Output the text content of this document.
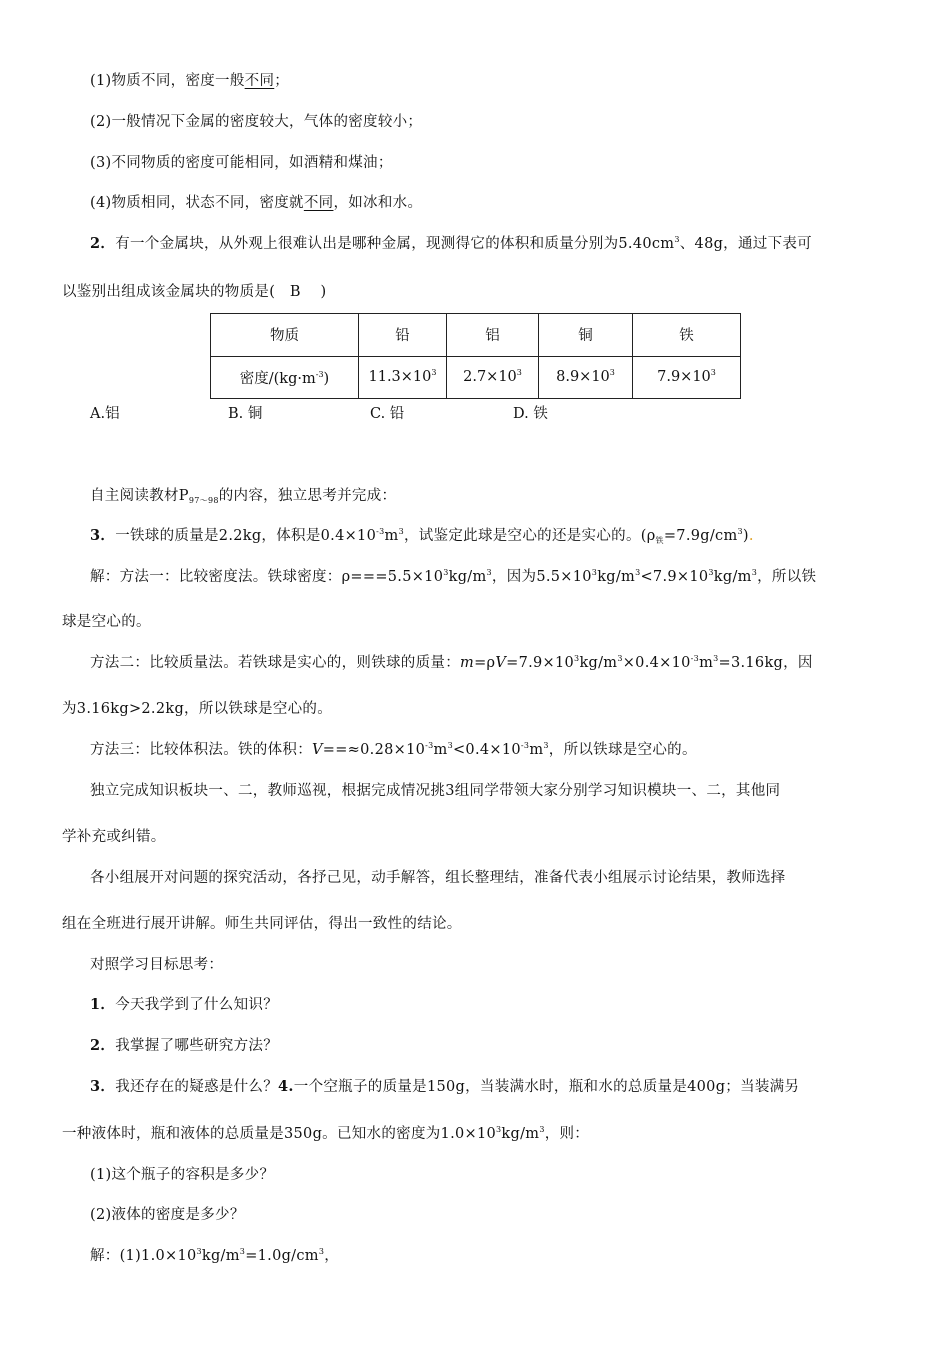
(1)物质不同，密度一般不同；
(2)一般情况下金属的密度较大，气体的密度较小；
(3)不同物质的密度可能相同，如酒精和煤油；
(4)物质相同，状态不同，密度就不同，如冰和水。
2．有一个金属块，从外观上很难认出是哪种金属，现测得它的体积和质量分别为$5.40cm^3$、48g，通过下表可
以鉴别出组成该金属块的物质是( B )
物质	铅	铝	铜	铁
密度$/(kg\cdot m^{-3})$	$11.3\times 10^3$	$2.7\times 10^3$	$8.9\times 10^3$	$7.9\times 10^3$
A.铝	B. 铜	C. 铅	D. 铁
自主阅读教材$P_{97\sim 98}$的内容，独立思考并完成：
3．一铁球的质量是2.2kg，体积是$0.4\times 10^{-3}m^3$，试鉴定此球是空心的还是实心的。$(\rho_铁=7.9g/cm^3)$.
解：方法一：比较密度法。铁球密度：$\rho===5.5\times 10^3kg/m^3$，因为$5.5\times 10^3kg/m^3<7.9\times 10^3kg/m^3$，所以铁
球是空心的。
方法二：比较质量法。若铁球是实心的，则铁球的质量：$m=\rho V=7.9\times 10^3kg/m^3\times 0.4\times 10^{-3}m^3=3.16kg$，因
为3.16kg>2.2kg，所以铁球是空心的。
方法三：比较体积法。铁的体积：$V==\approx 0.28\times 10^{-3}m^3<0.4\times 10^{-3}m^3$，所以铁球是空心的。
独立完成知识板块一、二，教师巡视，根据完成情况挑3组同学带领大家分别学习知识模块一、二，其他同
学补充或纠错。
各小组展开对问题的探究活动，各抒己见，动手解答，组长整理结，准备代表小组展示讨论结果，教师选择
组在全班进行展开讲解。师生共同评估，得出一致性的结论。
对照学习目标思考：
1．今天我学到了什么知识？
2．我掌握了哪些研究方法？
3．我还存在的疑惑是什么？4.一个空瓶子的质量是150g，当装满水时，瓶和水的总质量是400g；当装满另
一种液体时，瓶和液体的总质量是350g。已知水的密度为$1.0\times 10^3kg/m^3$，则：
(1)这个瓶子的容积是多少？
(2)液体的密度是多少？
解：$(1)1.0\times 10^3kg/m^3=1.0g/cm^3$，
